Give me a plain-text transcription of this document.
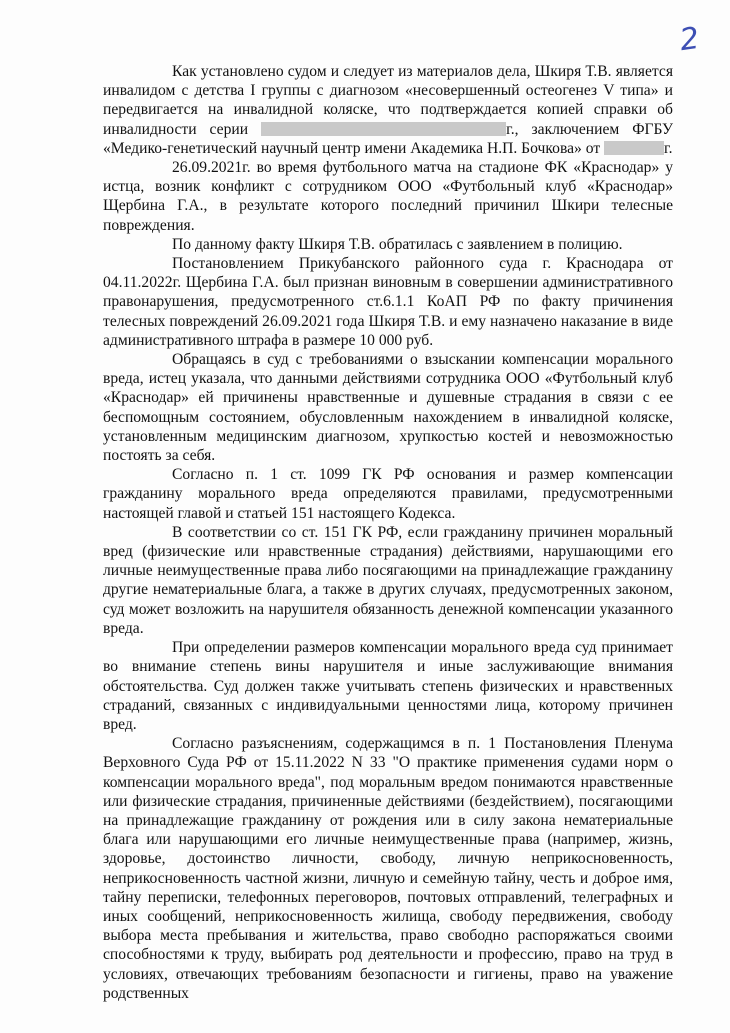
2

Как установлено судом и следует из материалов дела, Шкиря Т.В. является инвалидом с детства I группы с диагнозом «несовершенный остеогенез V типа» и передвигается на инвалидной коляске, что подтверждается копией справки об инвалидности серии	г., заключением ФГБУ «Медико-генетический научный центр имени Академика Н.П. Бочкова» от	г.

26.09.2021г. во время футбольного матча на стадионе ФК «Краснодар» у истца, возник конфликт с сотрудником ООО «Футбольный клуб «Краснодар» Щербина Г.А., в результате которого последний причинил Шкири телесные повреждения.

По данному факту Шкиря Т.В. обратилась с заявлением в полицию.

Постановлением Прикубанского районного суда г. Краснодара от 04.11.2022г. Щербина Г.А. был признан виновным в совершении административного правонарушения, предусмотренного ст.6.1.1 КоАП РФ по факту причинения телесных повреждений 26.09.2021 года Шкиря Т.В. и ему назначено наказание в виде административного штрафа в размере 10 000 руб.

Обращаясь в суд с требованиями о взыскании компенсации морального вреда, истец указала, что данными действиями сотрудника ООО «Футбольный клуб «Краснодар» ей причинены нравственные и душевные страдания в связи с ее беспомощным состоянием, обусловленным нахождением в инвалидной коляске, установленным медицинским диагнозом, хрупкостью костей и невозможностью постоять за себя.

Согласно п. 1 ст. 1099 ГК РФ основания и размер компенсации гражданину морального вреда определяются правилами, предусмотренными настоящей главой и статьей 151 настоящего Кодекса.

В соответствии со ст. 151 ГК РФ, если гражданину причинен моральный вред (физические или нравственные страдания) действиями, нарушающими его личные неимущественные права либо посягающими на принадлежащие гражданину другие нематериальные блага, а также в других случаях, предусмотренных законом, суд может возложить на нарушителя обязанность денежной компенсации указанного вреда.

При определении размеров компенсации морального вреда суд принимает во внимание степень вины нарушителя и иные заслуживающие внимания обстоятельства. Суд должен также учитывать степень физических и нравственных страданий, связанных с индивидуальными ценностями лица, которому причинен вред.

Согласно разъяснениям, содержащимся в п. 1 Постановления Пленума Верховного Суда РФ от 15.11.2022 N 33 "О практике применения судами норм о компенсации морального вреда", под моральным вредом понимаются нравственные или физические страдания, причиненные действиями (бездействием), посягающими на принадлежащие гражданину от рождения или в силу закона нематериальные блага или нарушающими его личные неимущественные права (например, жизнь, здоровье, достоинство личности, свободу, личную неприкосновенность, неприкосновенность частной жизни, личную и семейную тайну, честь и доброе имя, тайну переписки, телефонных переговоров, почтовых отправлений, телеграфных и иных сообщений, неприкосновенность жилища, свободу передвижения, свободу выбора места пребывания и жительства, право свободно распоряжаться своими способностями к труду, выбирать род деятельности и профессию, право на труд в условиях, отвечающих требованиям безопасности и гигиены, право на уважение родственных
